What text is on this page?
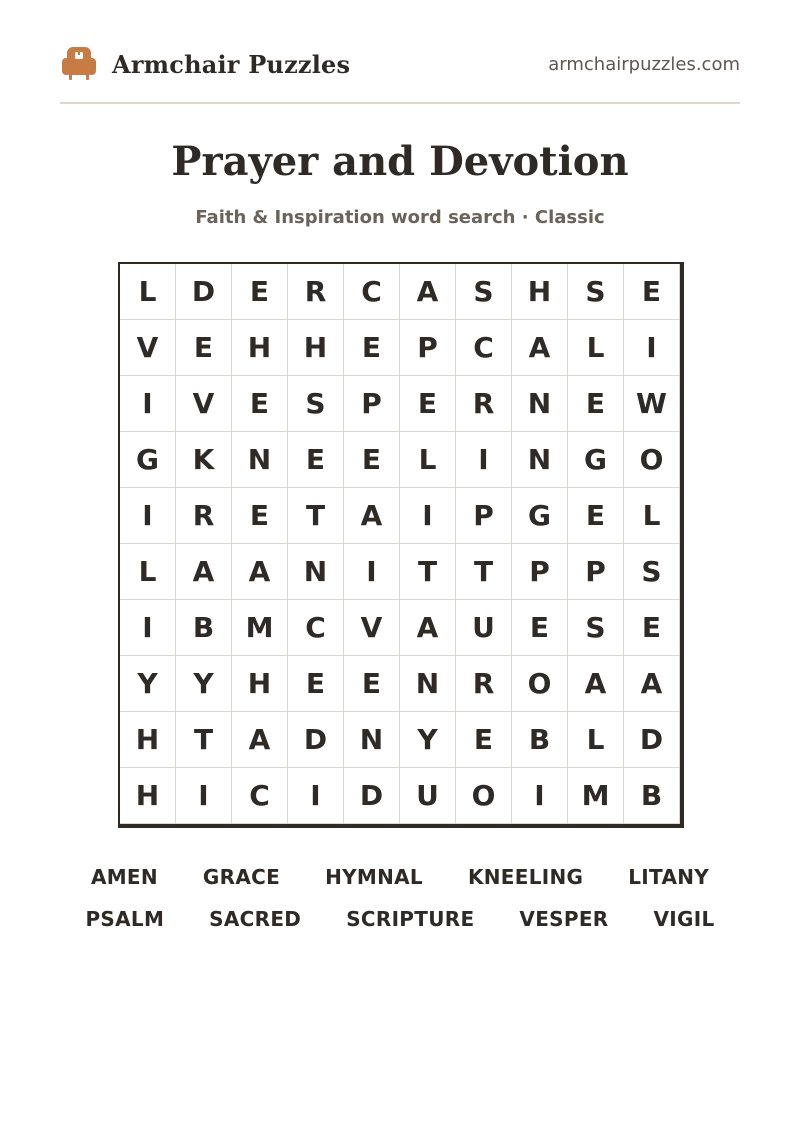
Armchair Puzzles	armchairpuzzles.com
Prayer and Devotion
Faith & Inspiration word search · Classic
L	D	E	R	C	A	S	H	S	E
V	E	H	H	E	P	C	A	L	I
I	V	E	S	P	E	R	N	E	W
G	K	N	E	E	L	I	N	G	O
I	R	E	T	A	I	P	G	E	L
L	A	A	N	I	T	T	P	P	S
I	B	M	C	V	A	U	E	S	E
Y	Y	H	E	E	N	R	O	A	A
H	T	A	D	N	Y	E	B	L	D
H	I	C	I	D	U	O	I	M	B
AMEN GRACE HYMNAL KNEELING LITANY
PSALM SACRED SCRIPTURE VESPER VIGIL
